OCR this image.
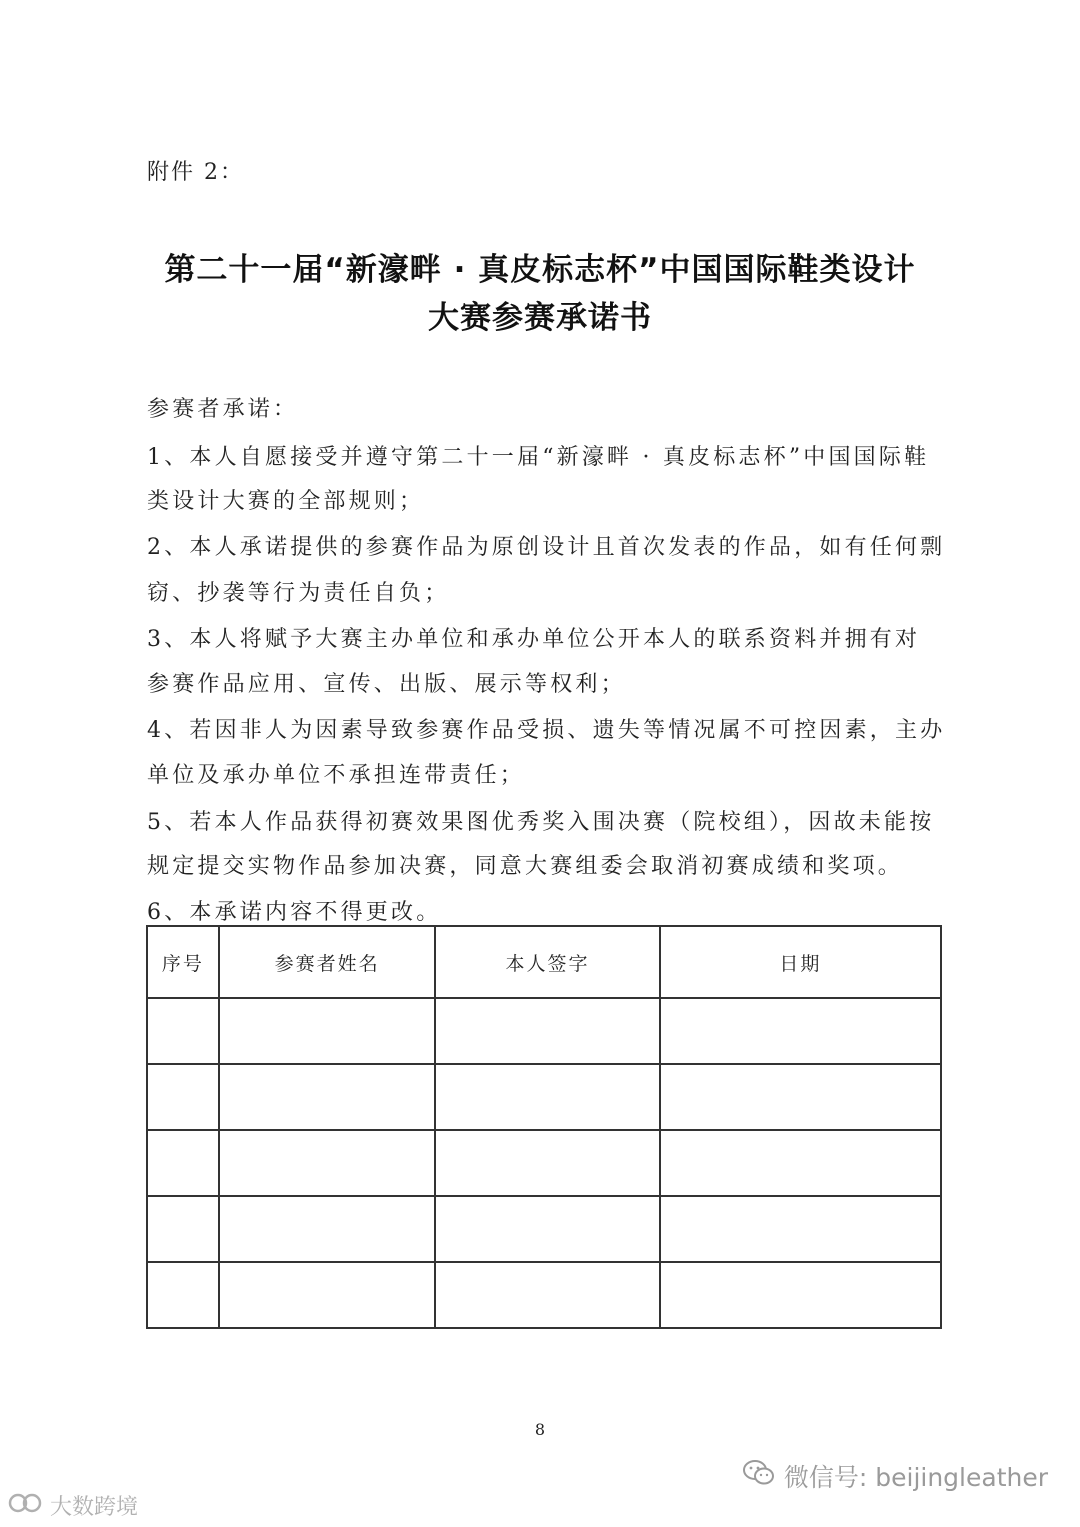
附件 2：
第二十一届“新濠畔 · 真皮标志杯”中国国际鞋类设计
大赛参赛承诺书
参赛者承诺：
1、本人自愿接受并遵守第二十一届“新濠畔 · 真皮标志杯”中国国际鞋
类设计大赛的全部规则；
2、本人承诺提供的参赛作品为原创设计且首次发表的作品，如有任何剽
窃、抄袭等行为责任自负；
3、本人将赋予大赛主办单位和承办单位公开本人的联系资料并拥有对
参赛作品应用、宣传、出版、展示等权利；
4、若因非人为因素导致参赛作品受损、遗失等情况属不可控因素，主办
单位及承办单位不承担连带责任；
5、若本人作品获得初赛效果图优秀奖入围决赛（院校组），因故未能按
规定提交实物作品参加决赛，同意大赛组委会取消初赛成绩和奖项。
6、本承诺内容不得更改。
序号	参赛者姓名	本人签字	日期

8
微信号: beijingleather
大数跨境
